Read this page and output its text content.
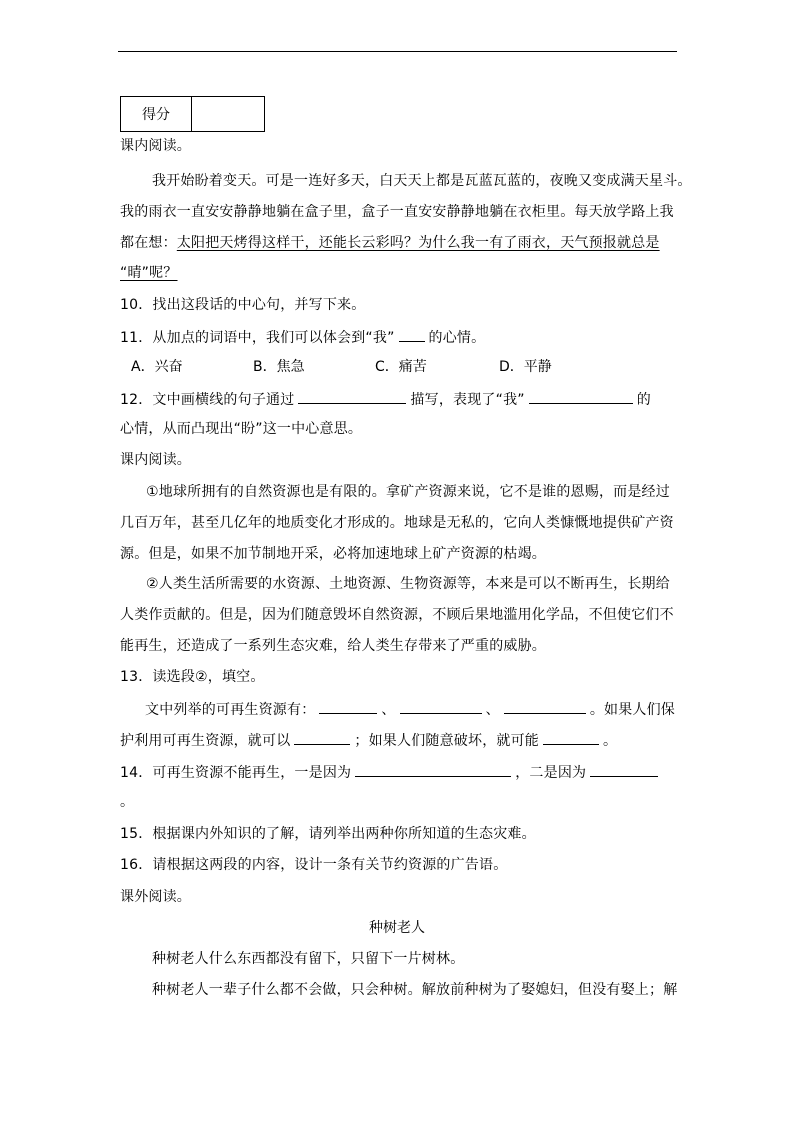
得分
课内阅读。
我开始盼着变天。可是一连好多天，白天天上都是瓦蓝瓦蓝的，夜晚又变成满天星斗。
我的雨衣一直安安静静地躺在盒子里，盒子一直安安静静地躺在衣柜里。每天放学路上我
都在想：太阳把天烤得这样干，还能长云彩吗？为什么我一有了雨衣，天气预报就总是
“晴”呢？
10．找出这段话的中心句，并写下来。
11．从加点的词语中，我们可以体会到“我” 的心情。
A．兴奋	B．焦急	C．痛苦	D．平静
12．文中画横线的句子通过	描写，表现了“我”	的
心情，从而凸现出“盼”这一中心意思。
课内阅读。
①地球所拥有的自然资源也是有限的。拿矿产资源来说，它不是谁的恩赐，而是经过
几百万年，甚至几亿年的地质变化才形成的。地球是无私的，它向人类慷慨地提供矿产资
源。但是，如果不加节制地开采，必将加速地球上矿产资源的枯竭。
②人类生活所需要的水资源、土地资源、生物资源等，本来是可以不断再生，长期给
人类作贡献的。但是，因为们随意毁坏自然资源，不顾后果地滥用化学品，不但使它们不
能再生，还造成了一系列生态灾难，给人类生存带来了严重的威胁。
13．读选段②，填空。
文中列举的可再生资源有：	、	、	。如果人们保
护利用可再生资源，就可以	；如果人们随意破坏，就可能	。
14．可再生资源不能再生，一是因为	，二是因为
。
15．根据课内外知识的了解，请列举出两种你所知道的生态灾难。
16．请根据这两段的内容，设计一条有关节约资源的广告语。
课外阅读。
种树老人
种树老人什么东西都没有留下，只留下一片树林。
种树老人一辈子什么都不会做，只会种树。解放前种树为了娶媳妇，但没有娶上；解
